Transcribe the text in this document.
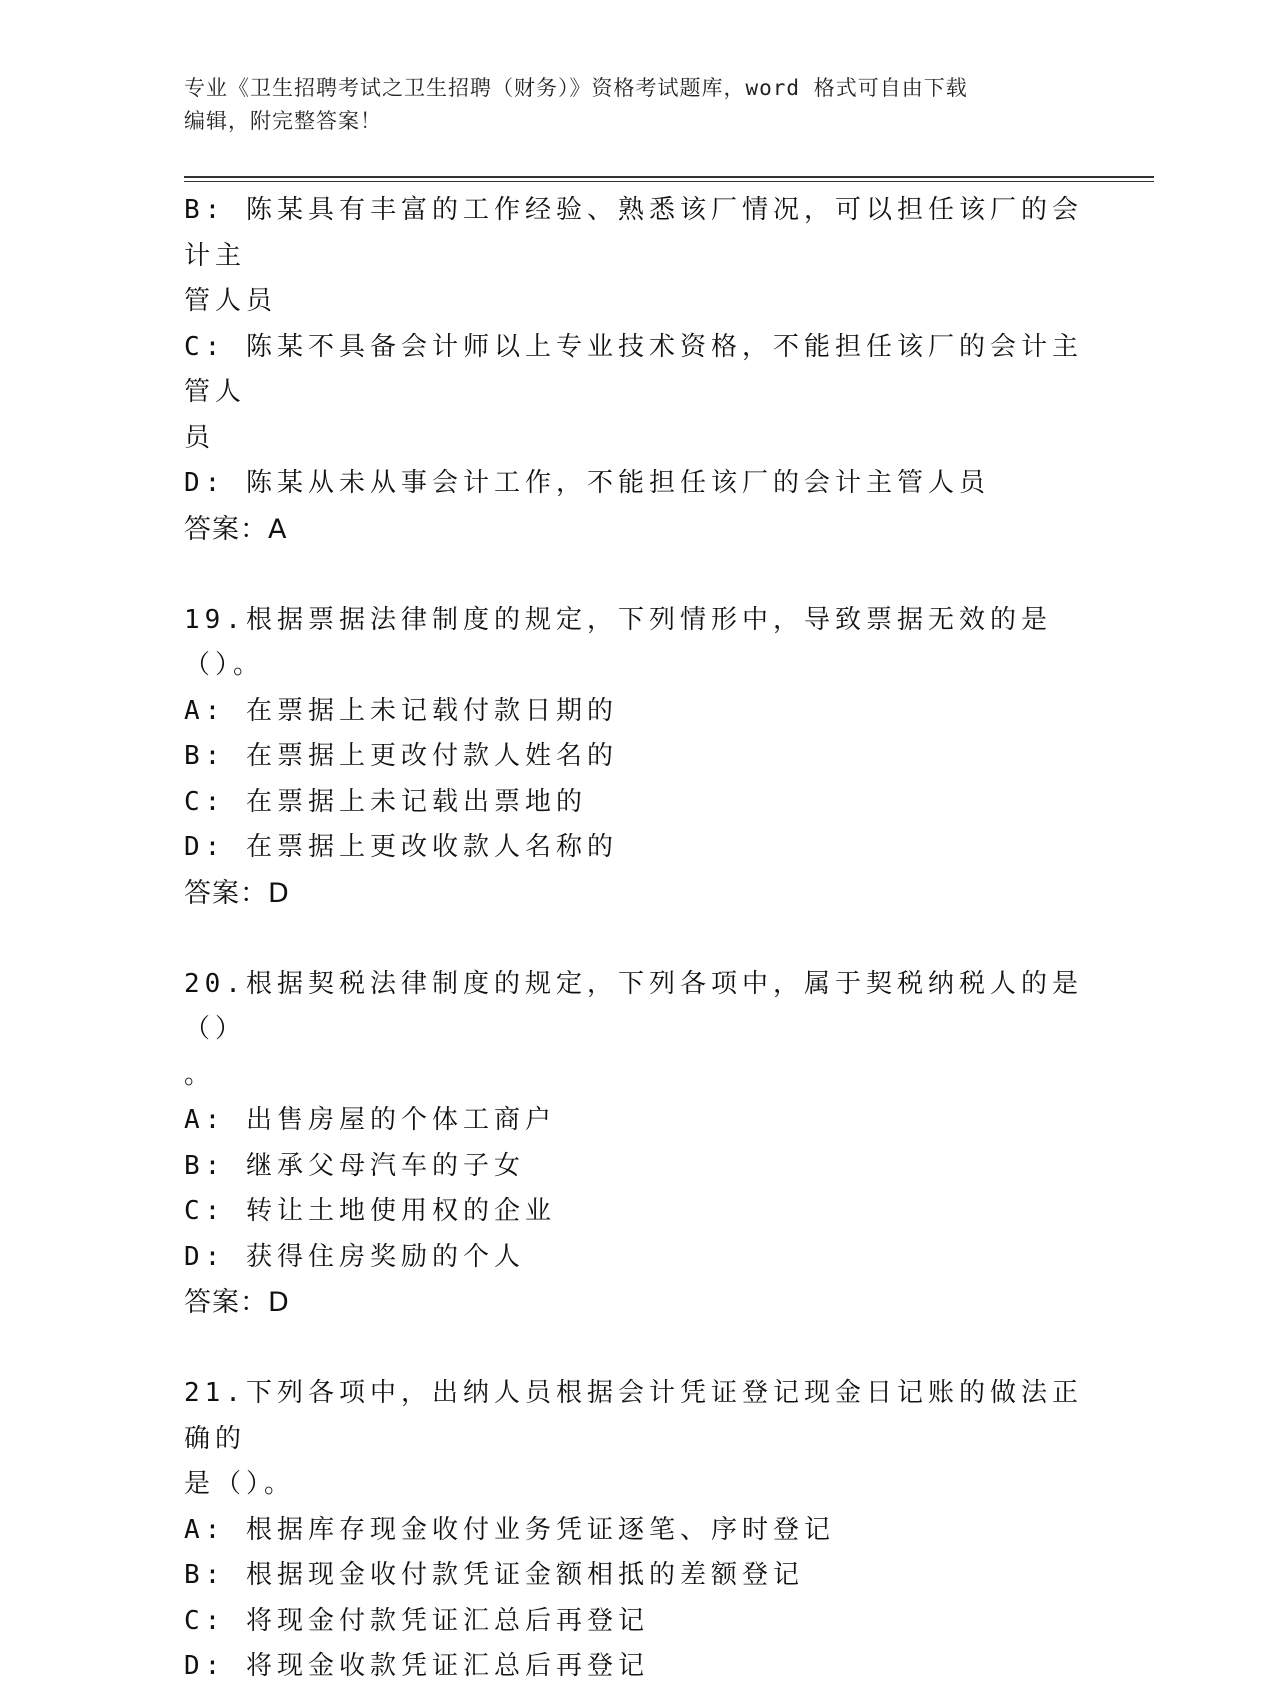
专业《卫生招聘考试之卫生招聘（财务）》资格考试题库，word 格式可自由下载

编辑，附完整答案！

B: 陈某具有丰富的工作经验、熟悉该厂情况，可以担任该厂的会计主

管人员

C: 陈某不具备会计师以上专业技术资格，不能担任该厂的会计主管人

员

D: 陈某从未从事会计工作，不能担任该厂的会计主管人员

答案：A

19.根据票据法律制度的规定，下列情形中，导致票据无效的是（）。

A: 在票据上未记载付款日期的

B: 在票据上更改付款人姓名的

C: 在票据上未记载出票地的

D: 在票据上更改收款人名称的

答案：D

20.根据契税法律制度的规定，下列各项中，属于契税纳税人的是（）

。

A: 出售房屋的个体工商户

B: 继承父母汽车的子女

C: 转让土地使用权的企业

D: 获得住房奖励的个人

答案：D

21.下列各项中，出纳人员根据会计凭证登记现金日记账的做法正确的

是（）。

A: 根据库存现金收付业务凭证逐笔、序时登记

B: 根据现金收付款凭证金额相抵的差额登记

C: 将现金付款凭证汇总后再登记

D: 将现金收款凭证汇总后再登记
